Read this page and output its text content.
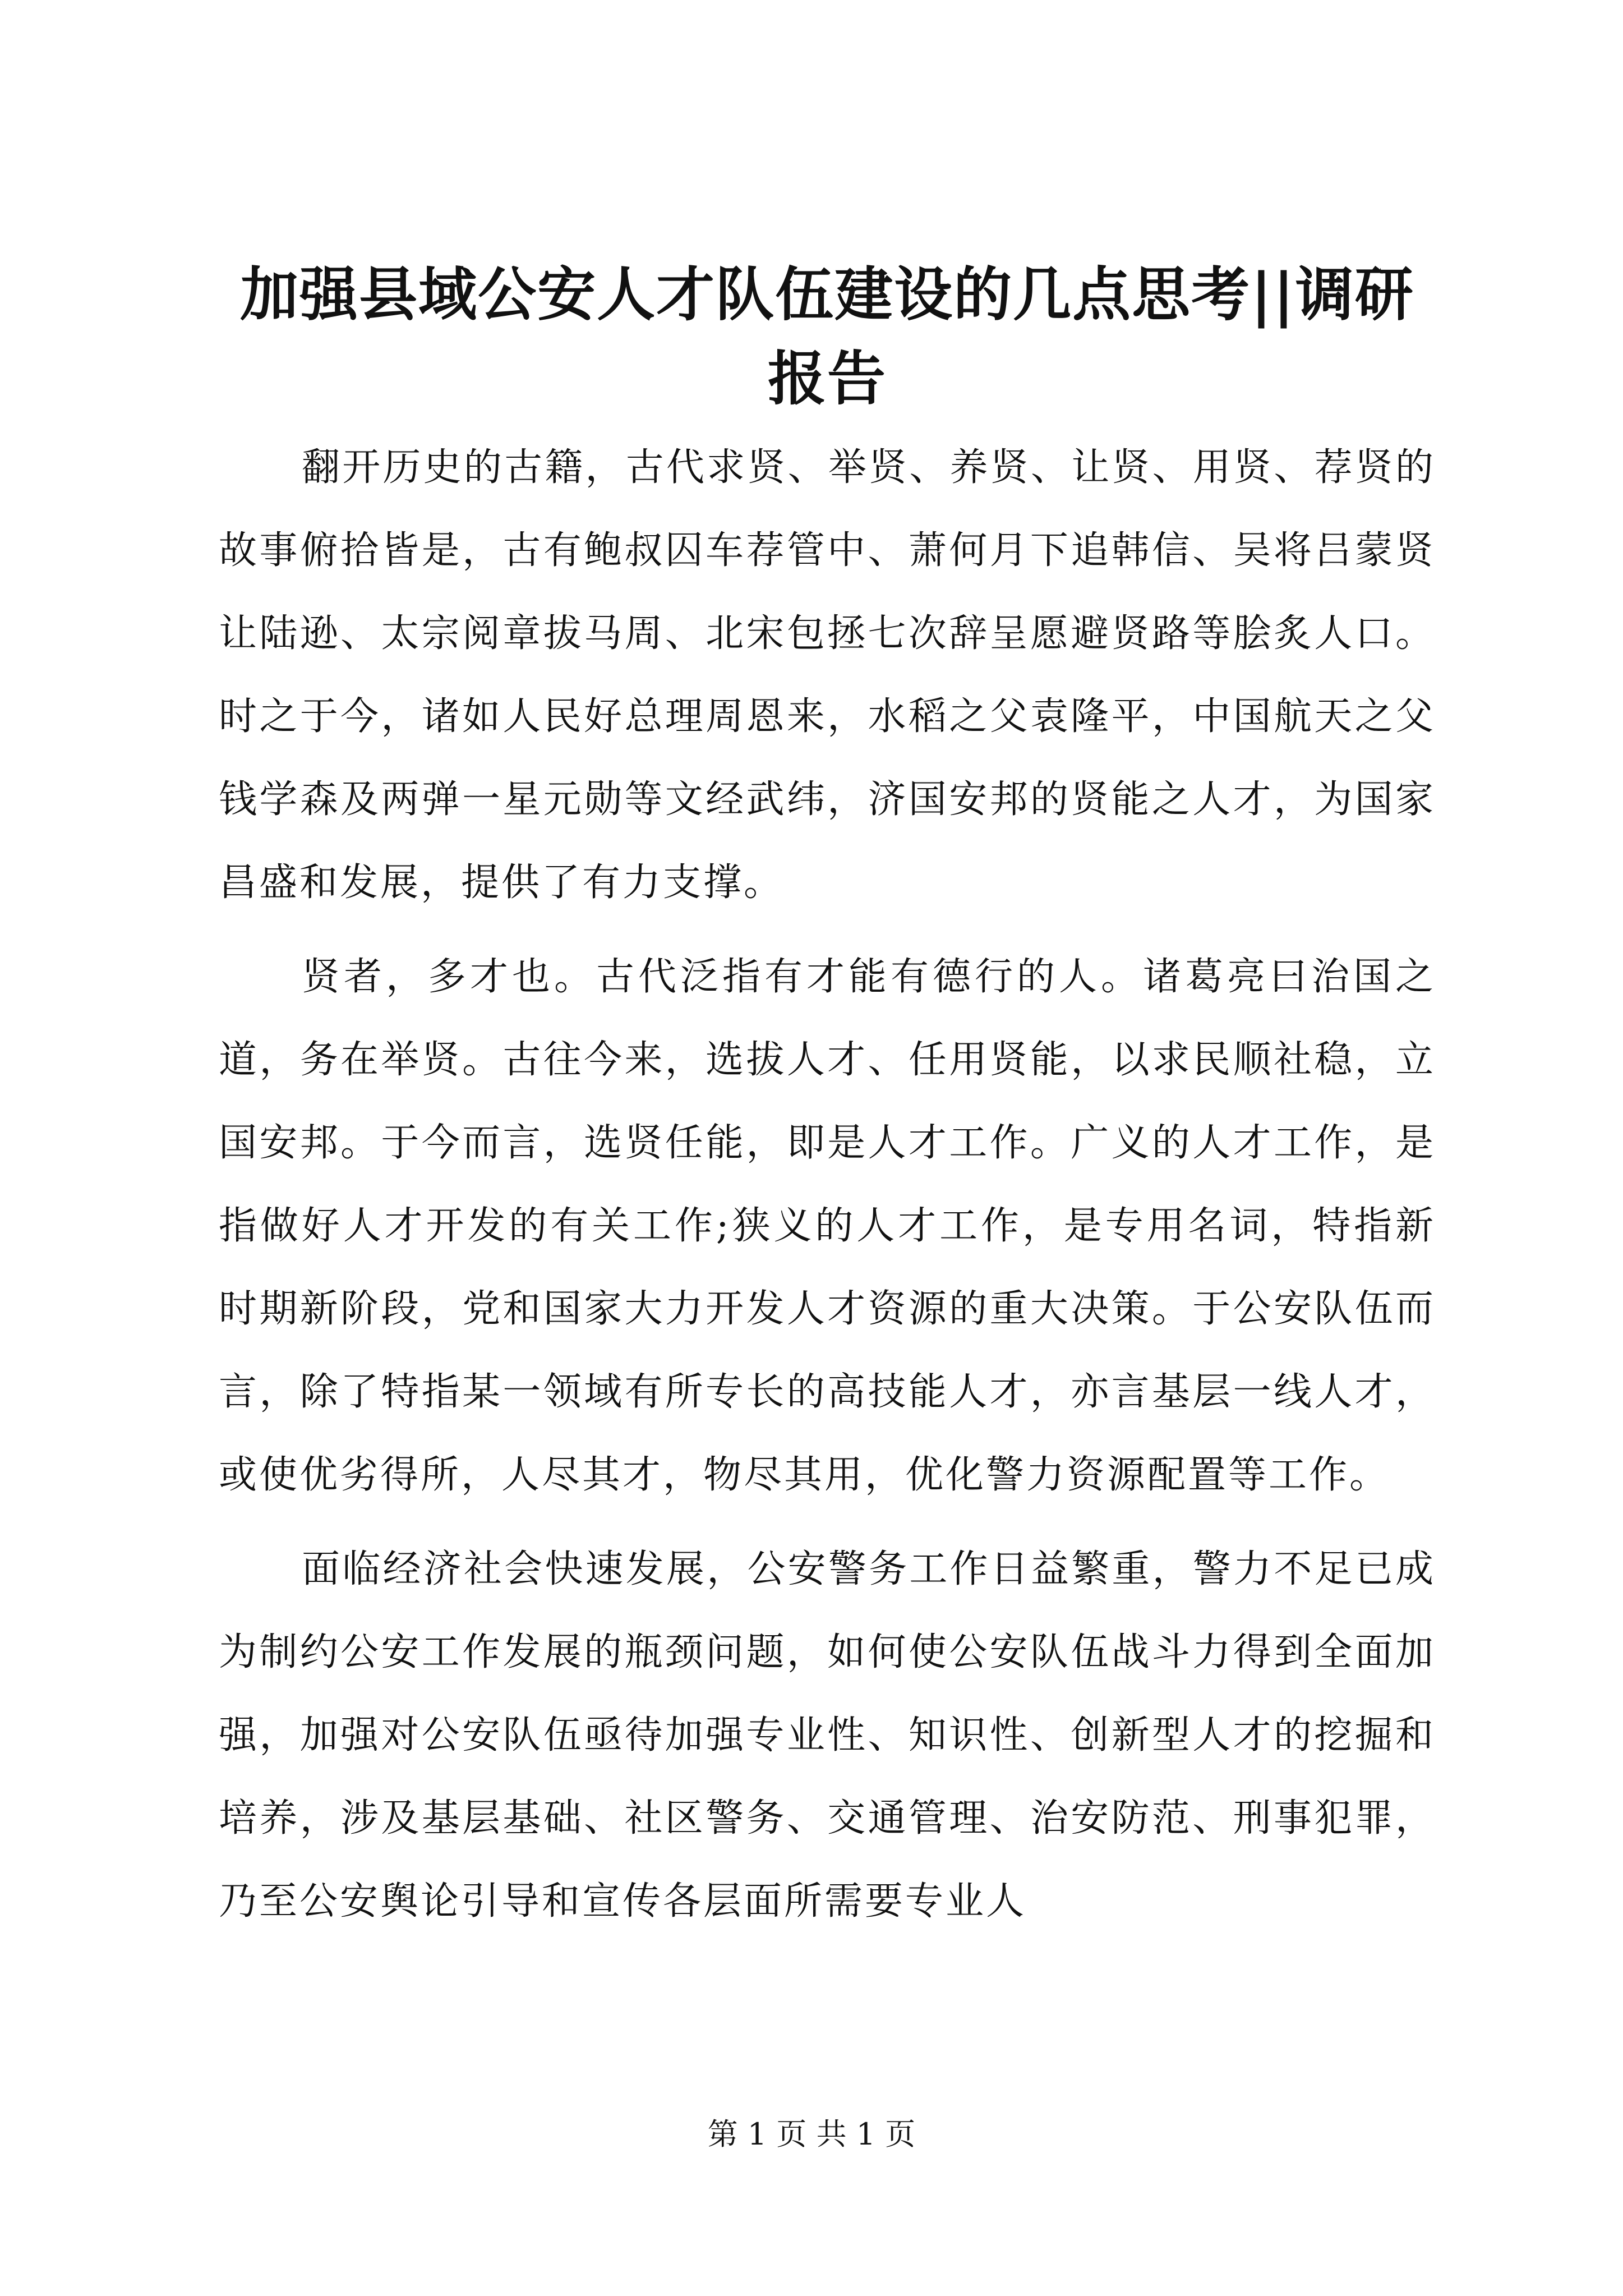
加强县域公安人才队伍建设的几点思考||调研
报告

翻开历史的古籍，古代求贤、举贤、养贤、让贤、用贤、荐贤的故事俯拾皆是，古有鲍叔囚车荐管中、萧何月下追韩信、吴将吕蒙贤让陆逊、太宗阅章拔马周、北宋包拯七次辞呈愿避贤路等脍炙人口。时之于今，诸如人民好总理周恩来，水稻之父袁隆平，中国航天之父钱学森及两弹一星元勋等文经武纬，济国安邦的贤能之人才，为国家昌盛和发展，提供了有力支撑。

贤者，多才也。古代泛指有才能有德行的人。诸葛亮曰治国之道，务在举贤。古往今来，选拔人才、任用贤能，以求民顺社稳，立国安邦。于今而言，选贤任能，即是人才工作。广义的人才工作，是指做好人才开发的有关工作;狭义的人才工作，是专用名词，特指新时期新阶段，党和国家大力开发人才资源的重大决策。于公安队伍而言，除了特指某一领域有所专长的高技能人才，亦言基层一线人才，或使优劣得所，人尽其才，物尽其用，优化警力资源配置等工作。

面临经济社会快速发展，公安警务工作日益繁重，警力不足已成为制约公安工作发展的瓶颈问题，如何使公安队伍战斗力得到全面加强，加强对公安队伍亟待加强专业性、知识性、创新型人才的挖掘和培养，涉及基层基础、社区警务、交通管理、治安防范、刑事犯罪，乃至公安舆论引导和宣传各层面所需要专业人

第 1 页 共 1 页
